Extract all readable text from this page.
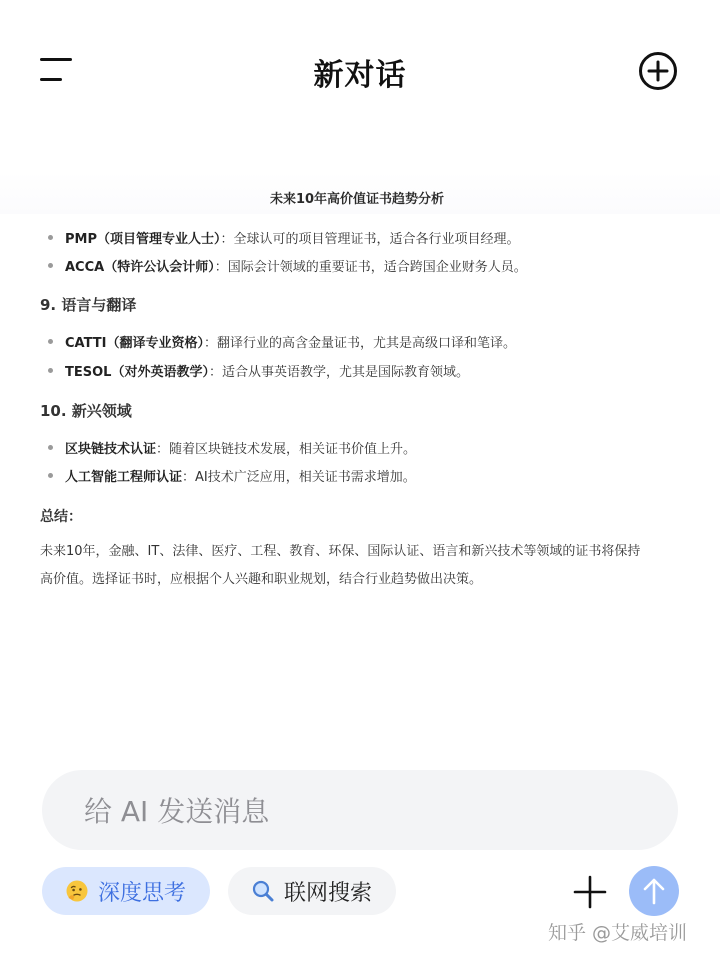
新对话
未来10年高价值证书趋势分析
PMP（项目管理专业人士）：全球认可的项目管理证书，适合各行业项目经理。
ACCA（特许公认会计师）：国际会计领域的重要证书，适合跨国企业财务人员。
9. 语言与翻译
CATTI（翻译专业资格）：翻译行业的高含金量证书，尤其是高级口译和笔译。
TESOL（对外英语教学）：适合从事英语教学，尤其是国际教育领域。
10. 新兴领域
区块链技术认证：随着区块链技术发展，相关证书价值上升。
人工智能工程师认证：AI技术广泛应用，相关证书需求增加。
总结：
未来10年，金融、IT、法律、医疗、工程、教育、环保、国际认证、语言和新兴技术等领域的证书将保持
高价值。选择证书时，应根据个人兴趣和职业规划，结合行业趋势做出决策。
给 AI 发送消息
深度思考	联网搜索
知乎 @艾威培训
